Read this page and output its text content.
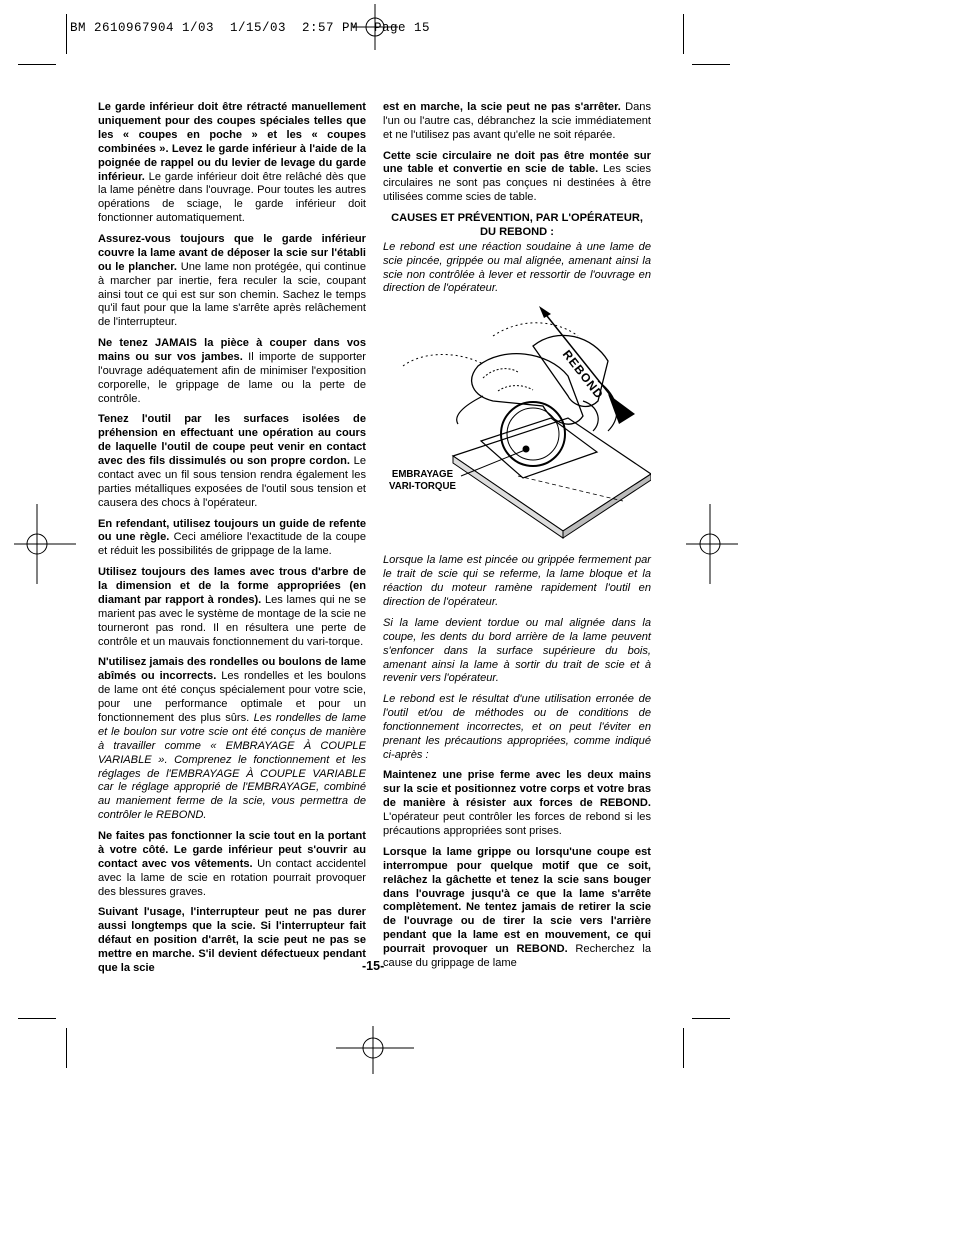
BM 2610967904 1/03  1/15/03  2:57 PM  Page 15

Le garde inférieur doit être rétracté manuellement uniquement pour des coupes spéciales telles que les « coupes en poche » et les « coupes combinées ». Levez le garde inférieur à l'aide de la poignée de rappel ou du levier de levage du garde inférieur. Le garde inférieur doit être relâché dès que la lame pénètre dans l'ouvrage. Pour toutes les autres opérations de sciage, le garde inférieur doit fonctionner automatiquement.

Assurez-vous toujours que le garde inférieur couvre la lame avant de déposer la scie sur l'établi ou le plancher. Une lame non protégée, qui continue à marcher par inertie, fera reculer la scie, coupant ainsi tout ce qui est sur son chemin. Sachez le temps qu'il faut pour que la lame s'arrête après relâchement de l'interrupteur.

Ne tenez JAMAIS la pièce à couper dans vos mains ou sur vos jambes. Il importe de supporter l'ouvrage adéquatement afin de minimiser l'exposition corporelle, le grippage de lame ou la perte de contrôle.

Tenez l'outil par les surfaces isolées de préhension en effectuant une opération au cours de laquelle l'outil de coupe peut venir en contact avec des fils dissimulés ou son propre cordon. Le contact avec un fil sous tension rendra également les parties métalliques exposées de l'outil sous tension et causera des chocs à l'opérateur.

En refendant, utilisez toujours un guide de refente ou une règle. Ceci améliore l'exactitude de la coupe et réduit les possibilités de grippage de la lame.

Utilisez toujours des lames avec trous d'arbre de la dimension et de la forme appropriées (en diamant par rapport à rondes). Les lames qui ne se marient pas avec le système de montage de la scie ne tourneront pas rond. Il en résultera une perte de contrôle et un mauvais fonctionnement du vari-torque.

N'utilisez jamais des rondelles ou boulons de lame abîmés ou incorrects. Les rondelles et les boulons de lame ont été conçus spécialement pour votre scie, pour une performance optimale et pour un fonctionnement des plus sûrs. Les rondelles de lame et le boulon sur votre scie ont été conçus de manière à travailler comme « EMBRAYAGE À COUPLE VARIABLE ». Comprenez le fonctionnement et les réglages de l'EMBRAYAGE À COUPLE VARIABLE car le réglage approprié de l'EMBRAYAGE, combiné au maniement ferme de la scie, vous permettra de contrôler le REBOND.

Ne faites pas fonctionner la scie tout en la portant à votre côté. Le garde inférieur peut s'ouvrir au contact avec vos vêtements. Un contact accidentel avec la lame de scie en rotation pourrait provoquer des blessures graves.

Suivant l'usage, l'interrupteur peut ne pas durer aussi longtemps que la scie. Si l'interrupteur fait défaut en position d'arrêt, la scie peut ne pas se mettre en marche. S'il devient défectueux pendant que la scie

est en marche, la scie peut ne pas s'arrêter. Dans l'un ou l'autre cas, débranchez la scie immédiatement et ne l'utilisez pas avant qu'elle ne soit réparée.

Cette scie circulaire ne doit pas être montée sur une table et convertie en scie de table. Les scies circulaires ne sont pas conçues ni destinées à être utilisées comme scies de table.

CAUSES ET PRÉVENTION, PAR L'OPÉRATEUR,
DU REBOND :

Le rebond est une réaction soudaine à une lame de scie pincée, grippée ou mal alignée, amenant ainsi la scie non contrôlée à lever et ressortir de l'ouvrage en direction de l'opérateur.

REBOND
EMBRAYAGE
VARI-TORQUE

Lorsque la lame est pincée ou grippée fermement par le trait de scie qui se referme, la lame bloque et la réaction du moteur ramène rapidement l'outil en direction de l'opérateur.

Si la lame devient tordue ou mal alignée dans la coupe, les dents du bord arrière de la lame peuvent s'enfoncer dans la surface supérieure du bois, amenant ainsi la lame à sortir du trait de scie et à revenir vers l'opérateur.

Le rebond est le résultat d'une utilisation erronée de l'outil et/ou de méthodes ou de conditions de fonctionnement incorrectes, et on peut l'éviter en prenant les précautions appropriées, comme indiqué ci-après :

Maintenez une prise ferme avec les deux mains sur la scie et positionnez votre corps et votre bras de manière à résister aux forces de REBOND. L'opérateur peut contrôler les forces de rebond si les précautions appropriées sont prises.

Lorsque la lame grippe ou lorsqu'une coupe est interrompue pour quelque motif que ce soit, relâchez la gâchette et tenez la scie sans bouger dans l'ouvrage jusqu'à ce que la lame s'arrête complètement. Ne tentez jamais de retirer la scie de l'ouvrage ou de tirer la scie vers l'arrière pendant que la lame est en mouvement, ce qui pourrait provoquer un REBOND. Recherchez la cause du grippage de lame

-15-
